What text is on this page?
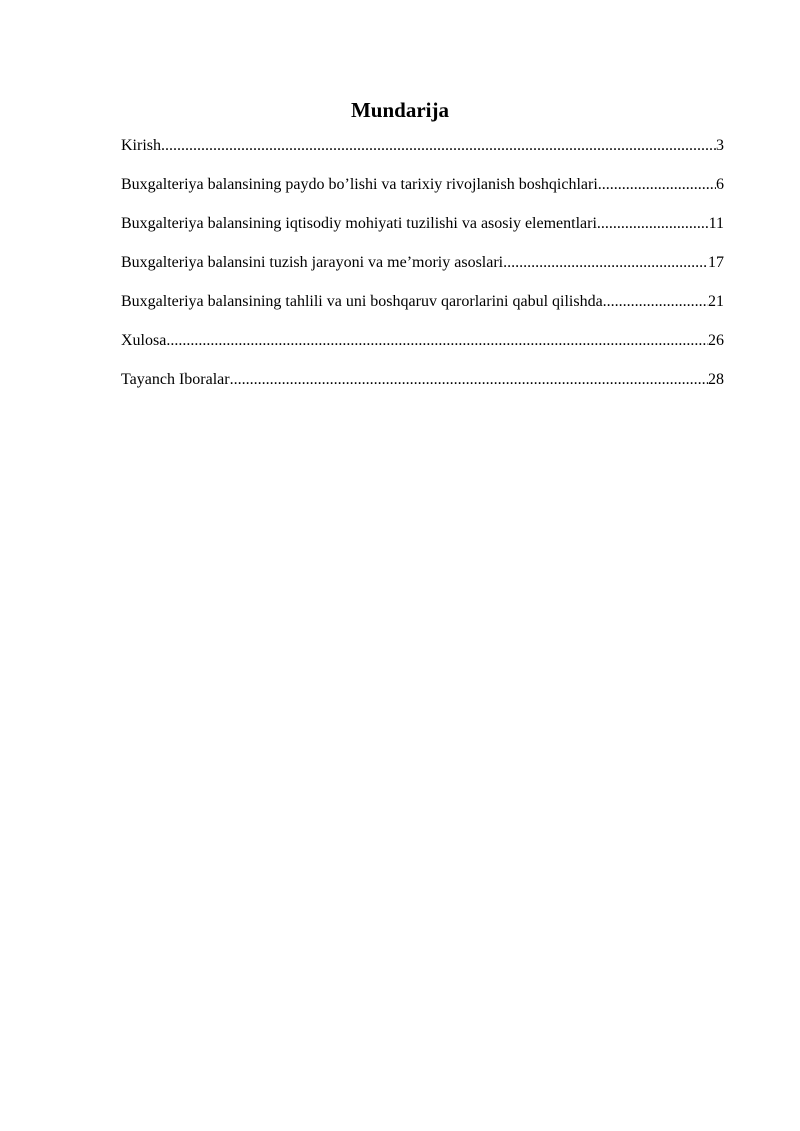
Mundarija
Kirish .....	3
Buxgalteriya balansining paydo bo’lishi va tarixiy rivojlanish boshqichlari .....	6
Buxgalteriya balansining iqtisodiy mohiyati tuzilishi va asosiy elementlari .....	11
Buxgalteriya balansini tuzish jarayoni va me’moriy asoslari .....	17
Buxgalteriya balansining tahlili va uni boshqaruv qarorlarini qabul qilishda .....	21
Xulosa .....	26
Tayanch Iboralar .....	28
